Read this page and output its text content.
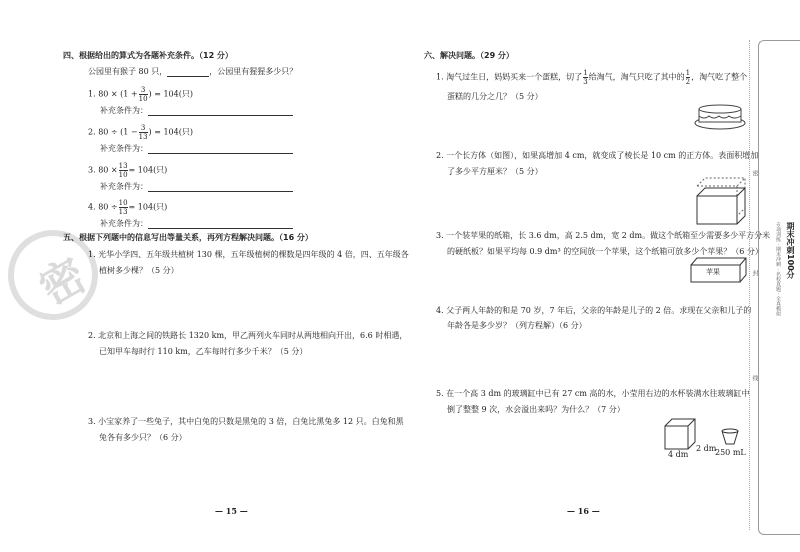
密
四、根据给出的算式为各题补充条件。（12 分）
公园里有猴子 80 只，	，公园里有猩猩多少只？
1. $80 \times (1 + \frac{3}{10}$ ) = 104(只)
补充条件为：
2. $80 \div (1 - \frac{3}{13}$ ) = 104(只)
补充条件为：
3. $80 \times \frac{13}{10} = 104$(只)
补充条件为：
4. $80 \div \frac{10}{13} = 104$(只)
补充条件为：
五、根据下列题中的信息写出等量关系，再列方程解决问题。（16 分）
1. 光华小学四、五年级共植树 130 棵，五年级植树的棵数是四年级的 4 倍，四、五年级各
植树多少棵？（5 分）
2. 北京和上海之间的铁路长 1320 km，甲乙两列火车同时从两地相向开出，6.6 时相遇，
已知甲车每时行 110 km，乙车每时行多少千米？（5 分）
3. 小宝家养了一些兔子，其中白兔的只数是黑兔的 3 倍，白兔比黑兔多 12 只。白兔和黑
兔各有多少只？（6 分）
— 15 —
六、解决问题。（29 分）
1. 淘气过生日，妈妈买来一个蛋糕，切了 $\frac{1}{3}$ 给淘气，淘气只吃了其中的 $\frac{1}{2}$ ，淘气吃了整个
蛋糕的几分之几？（5 分）
2. 一个长方体（如图），如果高增加 4 cm，就变成了棱长是 10 cm 的正方体。表面积增加
了多少平方厘米？（5 分）
3. 一个装苹果的纸箱，长 3.6 dm，高 2.5 dm，宽 2 dm。做这个纸箱至少需要多少平方分米
的硬纸板？如果平均每 0.9 dm³ 的空间放一个苹果，这个纸箱可放多少个苹果？（6 分）
苹果
4. 父子两人年龄的和是 70 岁，7 年后，父亲的年龄是儿子的 2 倍。求现在父亲和儿子的
年龄各是多少岁？（列方程解）（6 分）
5. 在一个高 3 dm 的玻璃缸中已有 27 cm 高的水，小莹用右边的水杯装满水往玻璃缸中
倒了整整 9 次，水会溢出来吗？为什么？（7 分）
4 dm
2 dm
250 mL
— 16 —
密
封
线
期末冲刺100分
专项训练 · 期末冲刺 · 名校真题 · 全真模拟
